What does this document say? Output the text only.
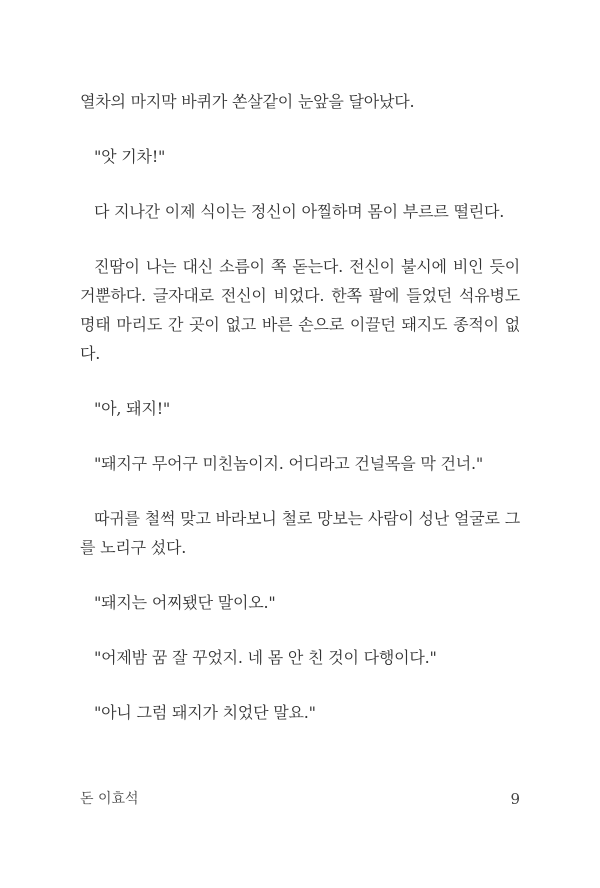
열차의 마지막 바퀴가 쏜살같이 눈앞을 달아났다.

"앗 기차!"

다 지나간 이제 식이는 정신이 아찔하며 몸이 부르르 떨린다.

진땀이 나는 대신 소름이 쪽 돋는다. 전신이 불시에 비인 듯이 거뿐하다. 글자대로 전신이 비었다. 한쪽 팔에 들었던 석유병도 명태 마리도 간 곳이 없고 바른 손으로 이끌던 돼지도 종적이 없다.

"아, 돼지!"

"돼지구 무어구 미친놈이지. 어디라고 건널목을 막 건너."

따귀를 철썩 맞고 바라보니 철로 망보는 사람이 성난 얼굴로 그를 노리구 섰다.

"돼지는 어찌됐단 말이오."

"어제밤 꿈 잘 꾸었지. 네 몸 안 친 것이 다행이다."

"아니 그럼 돼지가 치었단 말요."

돈 이효석	9
